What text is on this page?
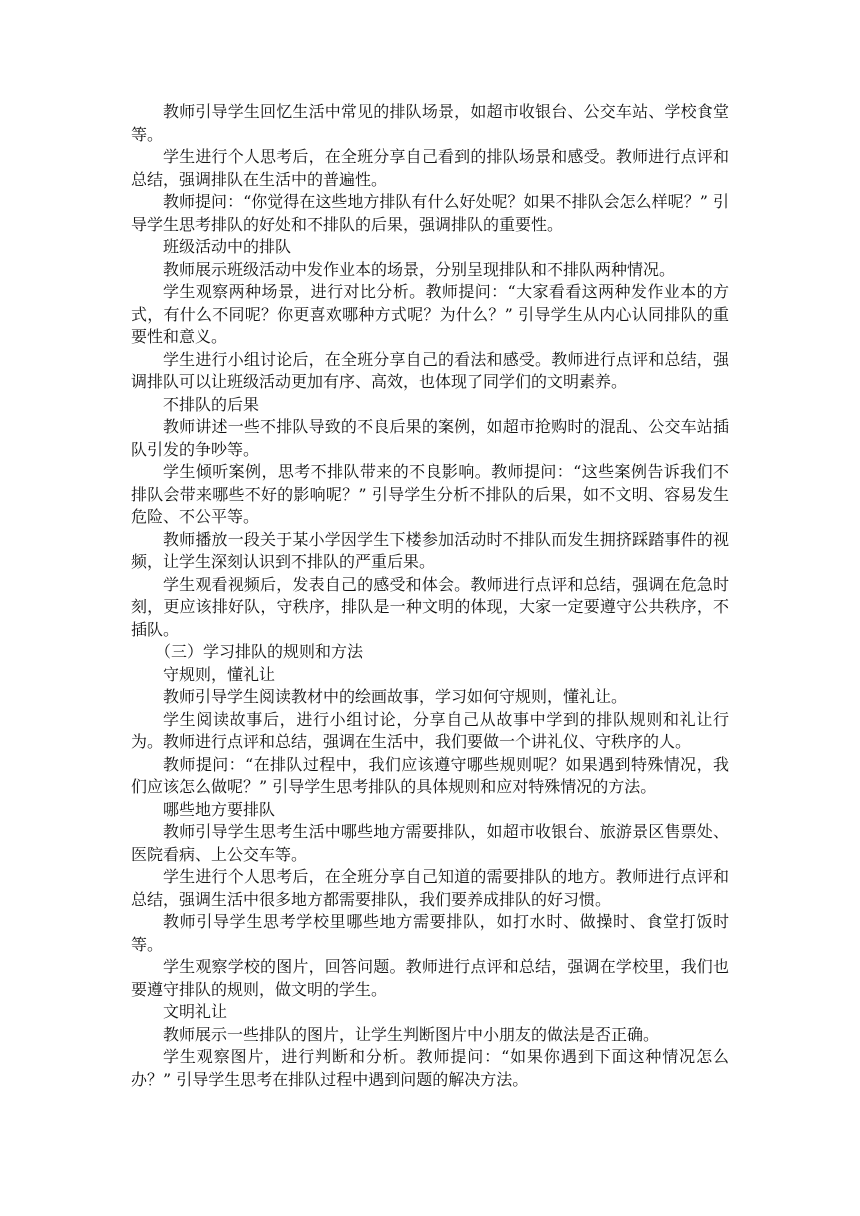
教师引导学生回忆生活中常见的排队场景，如超市收银台、公交车站、学校食堂等。

学生进行个人思考后，在全班分享自己看到的排队场景和感受。教师进行点评和总结，强调排队在生活中的普遍性。

教师提问：“你觉得在这些地方排队有什么好处呢？如果不排队会怎么样呢？” 引导学生思考排队的好处和不排队的后果，强调排队的重要性。

班级活动中的排队

教师展示班级活动中发作业本的场景，分别呈现排队和不排队两种情况。

学生观察两种场景，进行对比分析。教师提问：“大家看看这两种发作业本的方式，有什么不同呢？你更喜欢哪种方式呢？为什么？” 引导学生从内心认同排队的重要性和意义。

学生进行小组讨论后，在全班分享自己的看法和感受。教师进行点评和总结，强调排队可以让班级活动更加有序、高效，也体现了同学们的文明素养。

不排队的后果

教师讲述一些不排队导致的不良后果的案例，如超市抢购时的混乱、公交车站插队引发的争吵等。

学生倾听案例，思考不排队带来的不良影响。教师提问：“这些案例告诉我们不排队会带来哪些不好的影响呢？” 引导学生分析不排队的后果，如不文明、容易发生危险、不公平等。

教师播放一段关于某小学因学生下楼参加活动时不排队而发生拥挤踩踏事件的视频，让学生深刻认识到不排队的严重后果。

学生观看视频后，发表自己的感受和体会。教师进行点评和总结，强调在危急时刻，更应该排好队，守秩序，排队是一种文明的体现，大家一定要遵守公共秩序，不插队。

（三）学习排队的规则和方法

守规则，懂礼让

教师引导学生阅读教材中的绘画故事，学习如何守规则，懂礼让。

学生阅读故事后，进行小组讨论，分享自己从故事中学到的排队规则和礼让行为。教师进行点评和总结，强调在生活中，我们要做一个讲礼仪、守秩序的人。

教师提问：“在排队过程中，我们应该遵守哪些规则呢？如果遇到特殊情况，我们应该怎么做呢？” 引导学生思考排队的具体规则和应对特殊情况的方法。

哪些地方要排队

教师引导学生思考生活中哪些地方需要排队，如超市收银台、旅游景区售票处、医院看病、上公交车等。

学生进行个人思考后，在全班分享自己知道的需要排队的地方。教师进行点评和总结，强调生活中很多地方都需要排队，我们要养成排队的好习惯。

教师引导学生思考学校里哪些地方需要排队，如打水时、做操时、食堂打饭时等。

学生观察学校的图片，回答问题。教师进行点评和总结，强调在学校里，我们也要遵守排队的规则，做文明的学生。

文明礼让

教师展示一些排队的图片，让学生判断图片中小朋友的做法是否正确。

学生观察图片，进行判断和分析。教师提问：“如果你遇到下面这种情况怎么办？” 引导学生思考在排队过程中遇到问题的解决方法。
